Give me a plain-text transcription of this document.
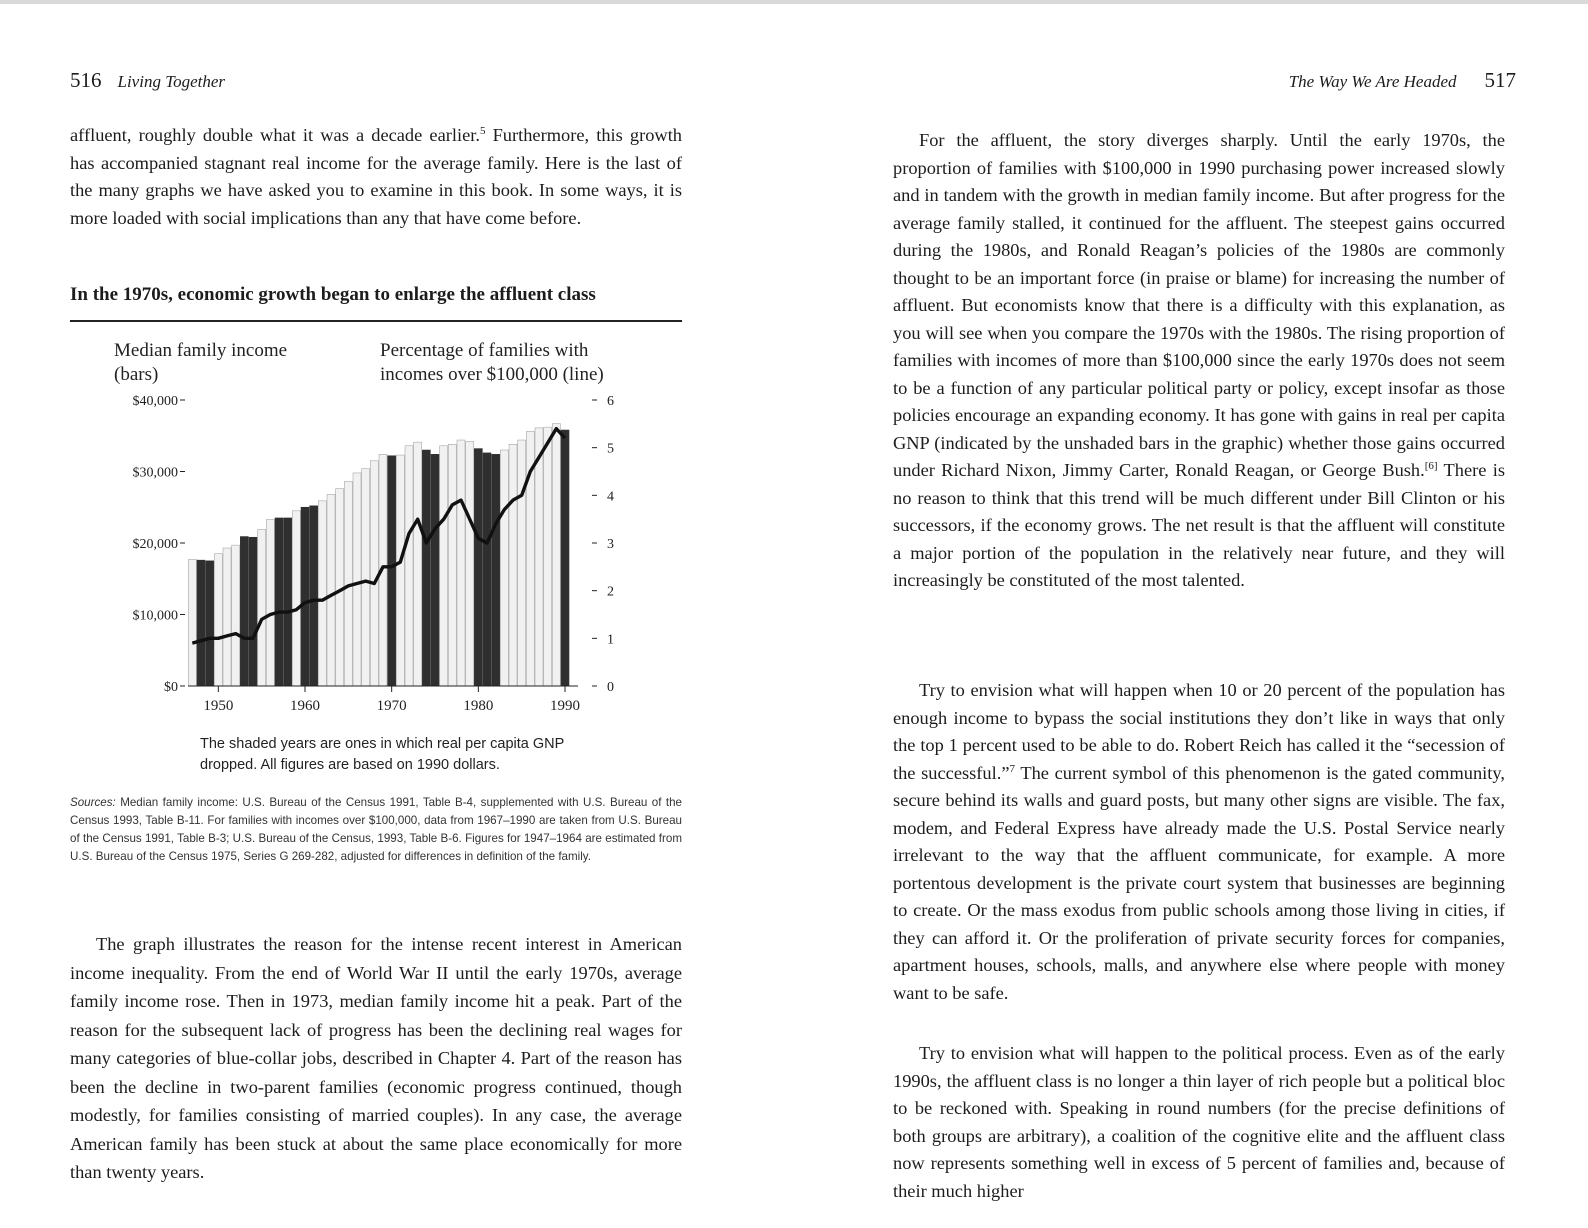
516 Living Together

affluent, roughly double what it was a decade earlier.$^5$ Furthermore, this growth has accompanied stagnant real income for the average family. Here is the last of the many graphs we have asked you to examine in this book. In some ways, it is more loaded with social implications than any that have come before.

In the 1970s, economic growth began to enlarge the affluent class
Median family income
(bars)
Percentage of families with
incomes over $100,000 (line)
$0
$10,000
$20,000
$30,000
$40,000
0
1
2
3
4
5
6
1950	1960	1970	1980	1990
The shaded years are ones in which real per capita GNP dropped. All figures are based on 1990 dollars.
Sources: Median family income: U.S. Bureau of the Census 1991, Table B-4, supplemented with U.S. Bureau of the Census 1993, Table B-11. For families with incomes over $100,000, data from 1967–1990 are taken from U.S. Bureau of the Census 1991, Table B-3; U.S. Bureau of the Census, 1993, Table B-6. Figures for 1947–1964 are estimated from U.S. Bureau of the Census 1975, Series G 269-282, adjusted for differences in definition of the family.

The graph illustrates the reason for the intense recent interest in American income inequality. From the end of World War II until the early 1970s, average family income rose. Then in 1973, median family income hit a peak. Part of the reason for the subsequent lack of progress has been the declining real wages for many categories of blue-collar jobs, described in Chapter 4. Part of the reason has been the decline in two-parent families (economic progress continued, though modestly, for families consisting of married couples). In any case, the average American family has been stuck at about the same place economically for more than twenty years.

The Way We Are Headed 517

For the affluent, the story diverges sharply. Until the early 1970s, the proportion of families with $100,000 in 1990 purchasing power increased slowly and in tandem with the growth in median family income. But after progress for the average family stalled, it continued for the affluent. The steepest gains occurred during the 1980s, and Ronald Reagan’s policies of the 1980s are commonly thought to be an important force (in praise or blame) for increasing the number of affluent. But economists know that there is a difficulty with this explanation, as you will see when you compare the 1970s with the 1980s. The rising proportion of families with incomes of more than $100,000 since the early 1970s does not seem to be a function of any particular political party or policy, except insofar as those policies encourage an expanding economy. It has gone with gains in real per capita GNP (indicated by the unshaded bars in the graphic) whether those gains occurred under Richard Nixon, Jimmy Carter, Ronald Reagan, or George Bush.[6] There is no reason to think that this trend will be much different under Bill Clinton or his successors, if the economy grows. The net result is that the affluent will constitute a major portion of the population in the relatively near future, and they will increasingly be constituted of the most talented.

Try to envision what will happen when 10 or 20 percent of the population has enough income to bypass the social institutions they don’t like in ways that only the top 1 percent used to be able to do. Robert Reich has called it the “secession of the successful.”$^7$ The current symbol of this phenomenon is the gated community, secure behind its walls and guard posts, but many other signs are visible. The fax, modem, and Federal Express have already made the U.S. Postal Service nearly irrelevant to the way that the affluent communicate, for example. A more portentous development is the private court system that businesses are beginning to create. Or the mass exodus from public schools among those living in cities, if they can afford it. Or the proliferation of private security forces for companies, apartment houses, schools, malls, and anywhere else where people with money want to be safe.

Try to envision what will happen to the political process. Even as of the early 1990s, the affluent class is no longer a thin layer of rich people but a political bloc to be reckoned with. Speaking in round numbers (for the precise definitions of both groups are arbitrary), a coalition of the cognitive elite and the affluent class now represents something well in excess of 5 percent of families and, because of their much higher
